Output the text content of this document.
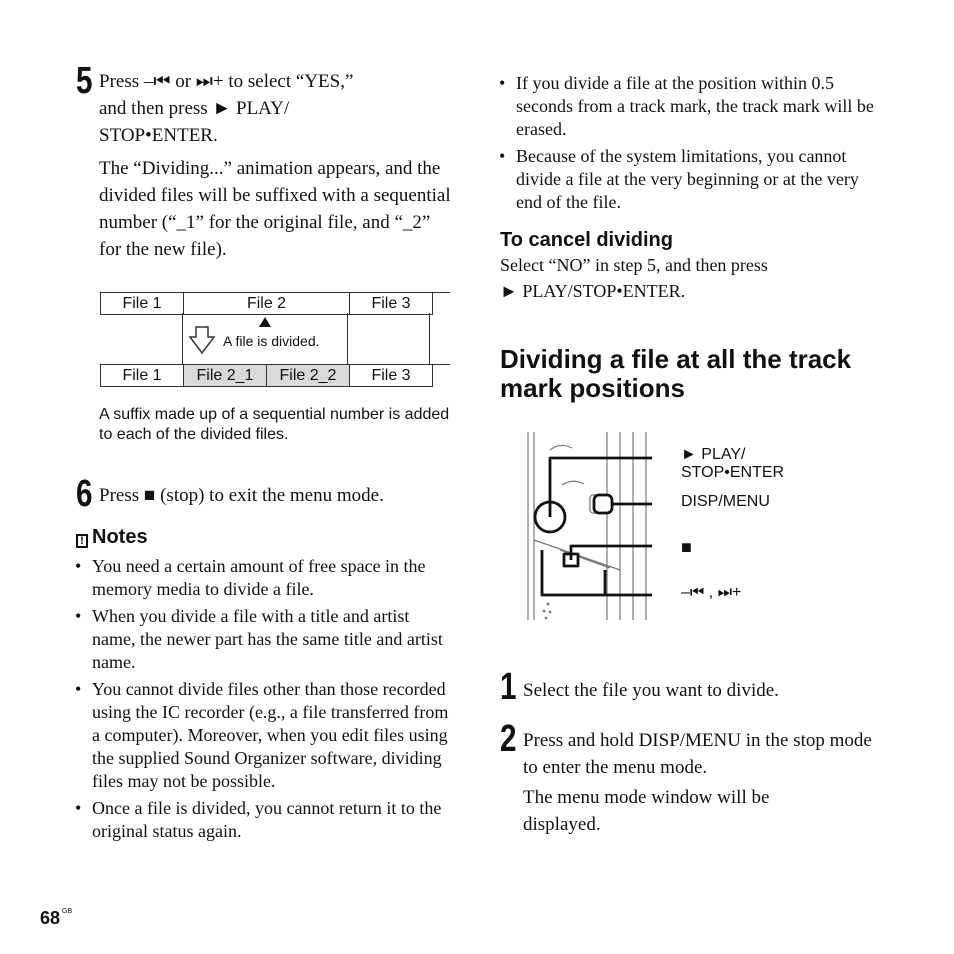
5 Press –⏮ or ⏭+ to select “YES,”
and then press ► PLAY/
STOP•ENTER.
The “Dividing...” animation appears, and the divided files will be suffixed with a sequential number (“_1” for the original file, and “_2” for the new file).
File 1	File 2	File 3	
A file is divided.
File 1	File 2_1	File 2_2	File 3	
A suffix made up of a sequential number is added to each of the divided files.
6 Press ■ (stop) to exit the menu mode.
! Notes
• You need a certain amount of free space in the memory media to divide a file.
• When you divide a file with a title and artist name, the newer part has the same title and artist name.
• You cannot divide files other than those recorded using the IC recorder (e.g., a file transferred from a computer). Moreover, when you edit files using the supplied Sound Organizer software, dividing files may not be possible.
• Once a file is divided, you cannot return it to the original status again.
68 $^{GB}$
• If you divide a file at the position within 0.5 seconds from a track mark, the track mark will be erased.
• Because of the system limitations, you cannot divide a file at the very beginning or at the very end of the file.
To cancel dividing
Select “NO” in step 5, and then press
► PLAY/STOP•ENTER.
Dividing a file at all the track
mark positions
► PLAY/
STOP•ENTER
DISP/MENU
■
–⏮ , ⏭+
1 Select the file you want to divide.
2 Press and hold DISP/MENU in the stop mode to enter the menu mode.
The menu mode window will be displayed.
